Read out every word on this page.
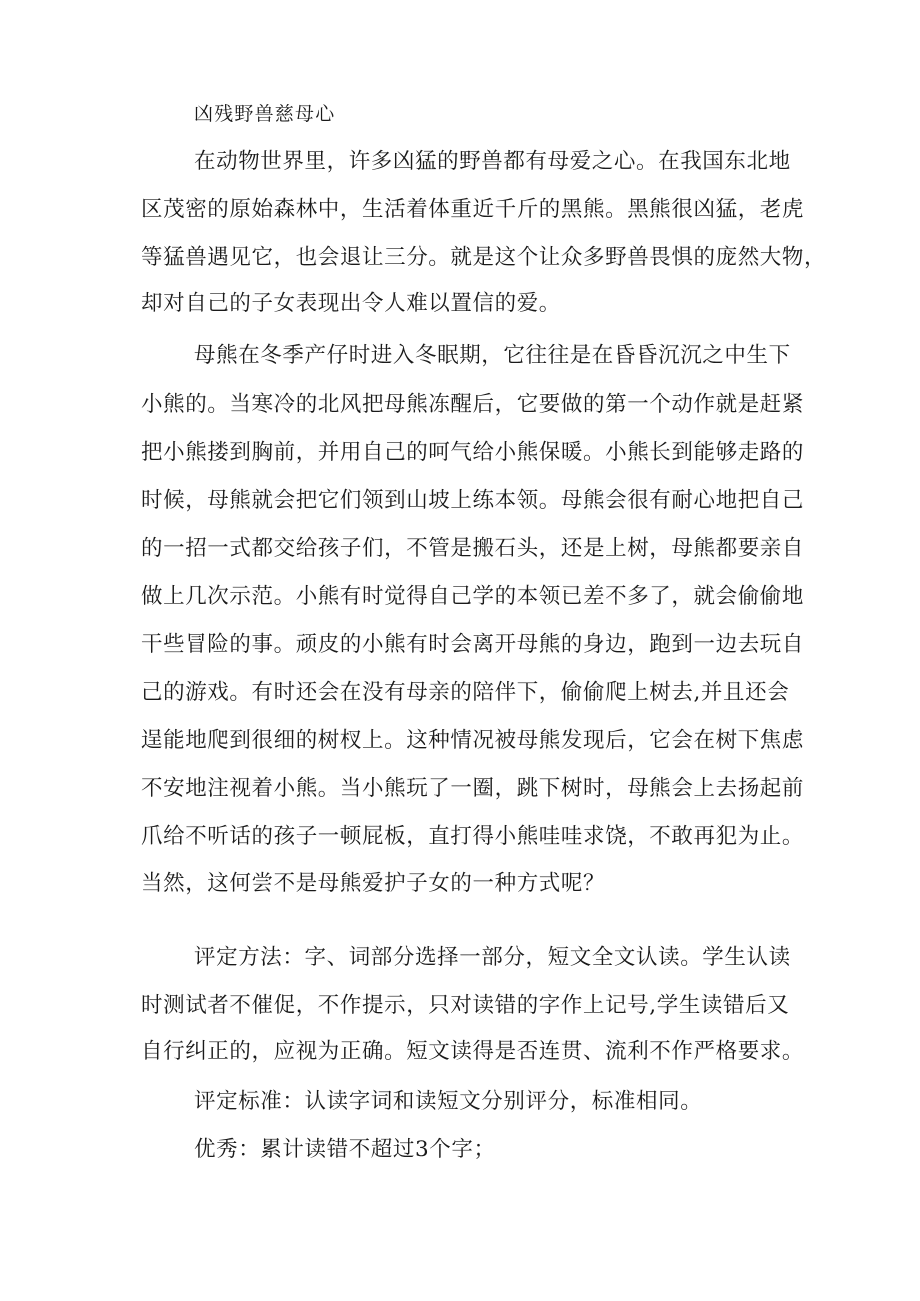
凶残野兽慈母心
在动物世界里，许多凶猛的野兽都有母爱之心。在我国东北地
区茂密的原始森林中，生活着体重近千斤的黑熊。黑熊很凶猛，老虎
等猛兽遇见它，也会退让三分。就是这个让众多野兽畏惧的庞然大物，
却对自己的子女表现出令人难以置信的爱。
母熊在冬季产仔时进入冬眠期，它往往是在昏昏沉沉之中生下
小熊的。当寒冷的北风把母熊冻醒后，它要做的第一个动作就是赶紧
把小熊搂到胸前，并用自己的呵气给小熊保暖。小熊长到能够走路的
时候，母熊就会把它们领到山坡上练本领。母熊会很有耐心地把自己
的一招一式都交给孩子们，不管是搬石头，还是上树，母熊都要亲自
做上几次示范。小熊有时觉得自己学的本领已差不多了，就会偷偷地
干些冒险的事。顽皮的小熊有时会离开母熊的身边，跑到一边去玩自
己的游戏。有时还会在没有母亲的陪伴下，偷偷爬上树去,并且还会
逞能地爬到很细的树杈上。这种情况被母熊发现后，它会在树下焦虑
不安地注视着小熊。当小熊玩了一圈，跳下树时，母熊会上去扬起前
爪给不听话的孩子一顿屁板，直打得小熊哇哇求饶，不敢再犯为止。
当然，这何尝不是母熊爱护子女的一种方式呢？
评定方法：字、词部分选择一部分，短文全文认读。学生认读
时测试者不催促，不作提示，只对读错的字作上记号,学生读错后又
自行纠正的，应视为正确。短文读得是否连贯、流利不作严格要求。
评定标准：认读字词和读短文分别评分，标准相同。
优秀：累计读错不超过3个字；
